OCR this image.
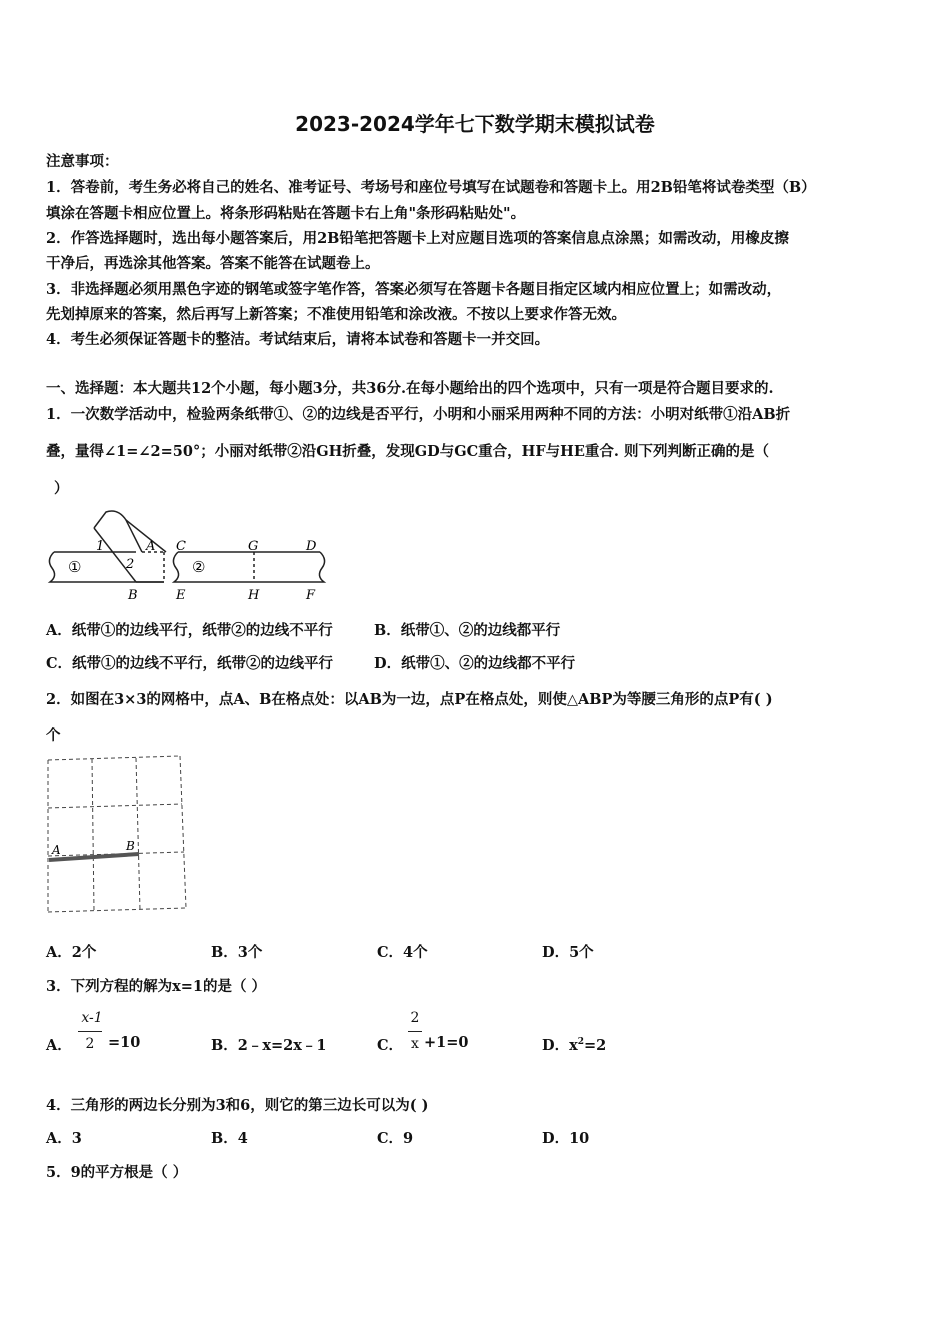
2023-2024学年七下数学期末模拟试卷
注意事项：
1．答卷前，考生务必将自己的姓名、准考证号、考场号和座位号填写在试题卷和答题卡上。用2B铅笔将试卷类型（B）
填涂在答题卡相应位置上。将条形码粘贴在答题卡右上角"条形码粘贴处"。
2．作答选择题时，选出每小题答案后，用2B铅笔把答题卡上对应题目选项的答案信息点涂黑；如需改动，用橡皮擦
干净后，再选涂其他答案。答案不能答在试题卷上。
3．非选择题必须用黑色字迹的钢笔或签字笔作答，答案必须写在答题卡各题目指定区域内相应位置上；如需改动，
先划掉原来的答案，然后再写上新答案；不准使用铅笔和涂改液。不按以上要求作答无效。
4．考生必须保证答题卡的整洁。考试结束后，请将本试卷和答题卡一并交回。
一、选择题：本大题共12个小题，每小题3分，共36分.在每小题给出的四个选项中，只有一项是符合题目要求的.
1．一次数学活动中，检验两条纸带①、②的边线是否平行，小明和小丽采用两种不同的方法：小明对纸带①沿AB折
叠，量得∠1=∠2=50°；小丽对纸带②沿GH折叠，发现GD与GC重合，HF与HE重合. 则下列判断正确的是（
）
1
2
A
B
①
C	G	D
②
E	H	F
A．纸带①的边线平行，纸带②的边线不平行	B．纸带①、②的边线都平行
C．纸带①的边线不平行，纸带②的边线平行	D．纸带①、②的边线都不平行
2．如图在3×3的网格中，点A、B在格点处：以AB为一边，点P在格点处，则使△ABP为等腰三角形的点P有( )
个
A	B
A．2个	B．3个	C．4个	D．5个
3．下列方程的解为x=1的是（ ）
A．
x-1
2 =10	B．2﹣x=2x﹣1	C．
2
x +1=0	D．$x^2=2$
4．三角形的两边长分别为3和6，则它的第三边长可以为( )
A．3	B．4	C．9	D．10
5．9的平方根是（ ）
